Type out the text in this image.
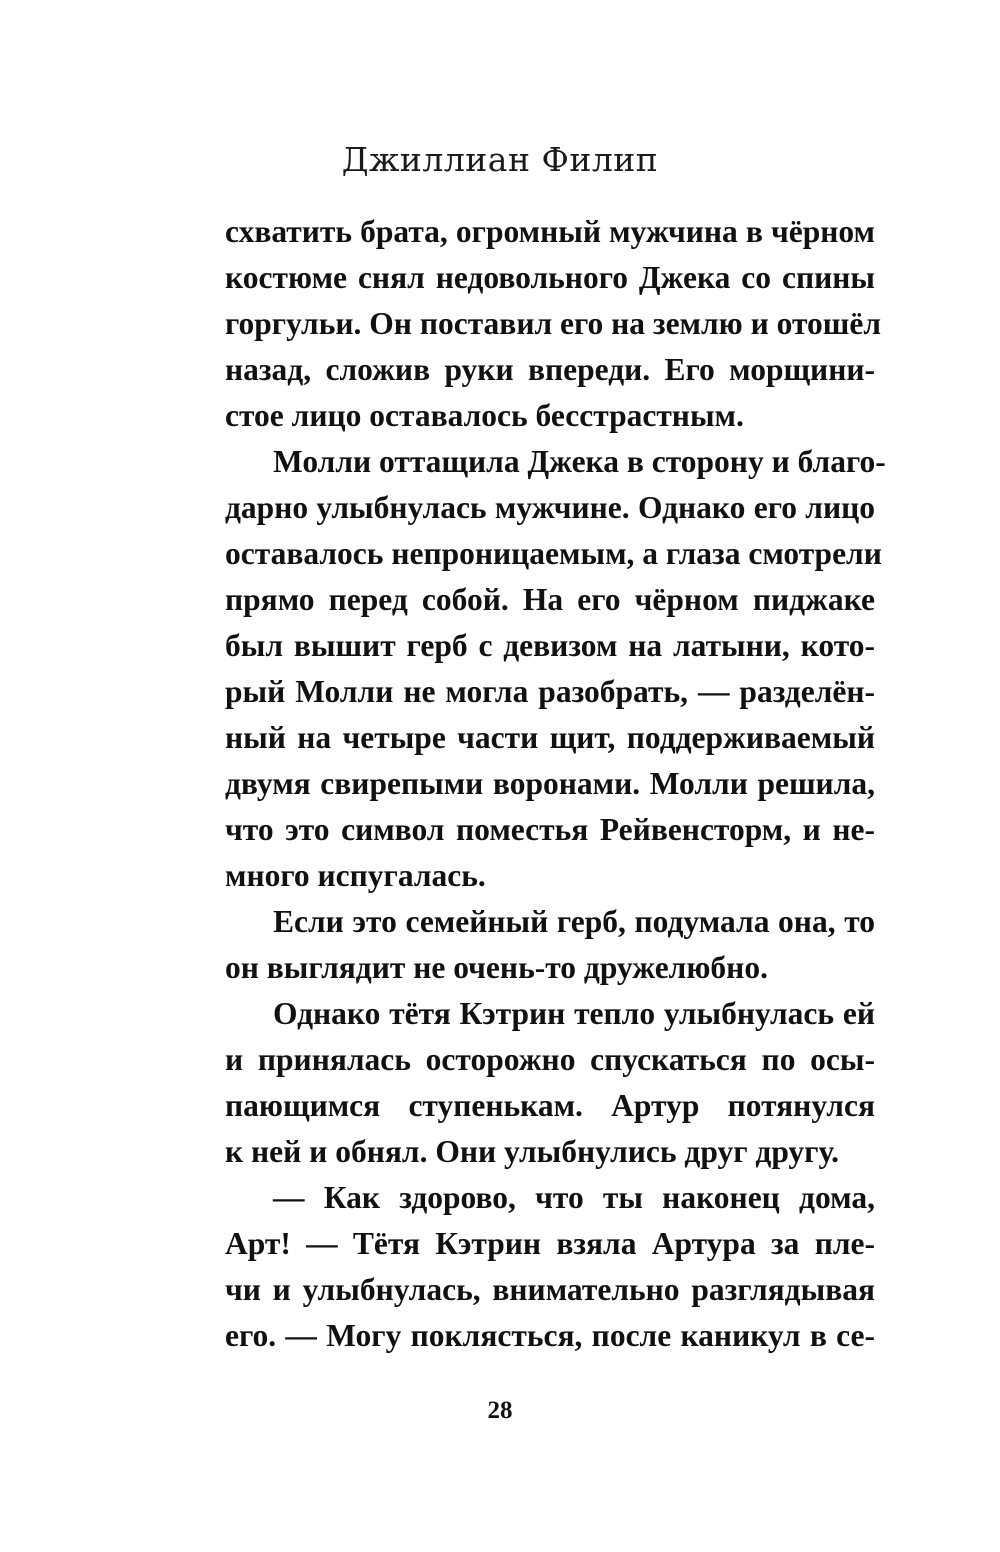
Джиллиан Филип
схватить брата, огромный мужчина в чёрном
костюме снял недовольного Джека со спины
горгульи. Он поставил его на землю и отошёл
назад, сложив руки впереди. Его морщини-
стое лицо оставалось бесстрастным.
Молли оттащила Джека в сторону и благо-
дарно улыбнулась мужчине. Однако его лицо
оставалось непроницаемым, а глаза смотрели
прямо перед собой. На его чёрном пиджаке
был вышит герб с девизом на латыни, кото-
рый Молли не могла разобрать, — разделён-
ный на четыре части щит, поддерживаемый
двумя свирепыми воронами. Молли решила,
что это символ поместья Рейвенсторм, и не-
много испугалась.
Если это семейный герб, подумала она, то
он выглядит не очень-то дружелюбно.
Однако тётя Кэтрин тепло улыбнулась ей
и принялась осторожно спускаться по осы-
пающимся ступенькам. Артур потянулся
к ней и обнял. Они улыбнулись друг другу.
— Как здорово, что ты наконец дома,
Арт! — Тётя Кэтрин взяла Артура за пле-
чи и улыбнулась, внимательно разглядывая
его. — Могу поклясться, после каникул в се-
28
